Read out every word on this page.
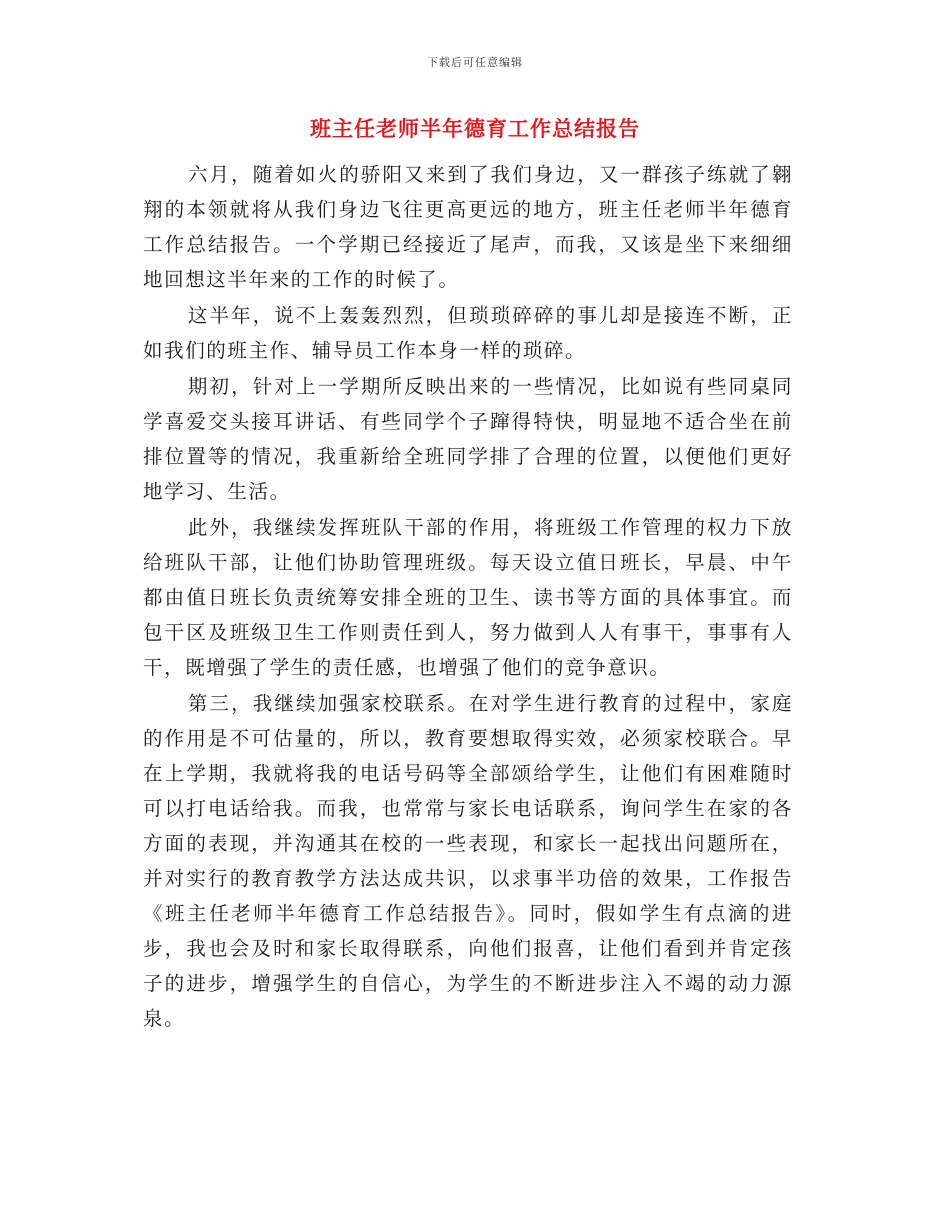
下载后可任意编辑
班主任老师半年德育工作总结报告

六月，随着如火的骄阳又来到了我们身边，又一群孩子练就了翱翔的本领就将从我们身边飞往更高更远的地方，班主任老师半年德育工作总结报告。一个学期已经接近了尾声，而我，又该是坐下来细细地回想这半年来的工作的时候了。

这半年，说不上轰轰烈烈，但琐琐碎碎的事儿却是接连不断，正如我们的班主作、辅导员工作本身一样的琐碎。

期初，针对上一学期所反映出来的一些情况，比如说有些同桌同学喜爱交头接耳讲话、有些同学个子蹿得特快，明显地不适合坐在前排位置等的情况，我重新给全班同学排了合理的位置，以便他们更好地学习、生活。

此外，我继续发挥班队干部的作用，将班级工作管理的权力下放给班队干部，让他们协助管理班级。每天设立值日班长，早晨、中午都由值日班长负责统筹安排全班的卫生、读书等方面的具体事宜。而包干区及班级卫生工作则责任到人，努力做到人人有事干，事事有人干，既增强了学生的责任感，也增强了他们的竞争意识。

第三，我继续加强家校联系。在对学生进行教育的过程中，家庭的作用是不可估量的，所以，教育要想取得实效，必须家校联合。早在上学期，我就将我的电话号码等全部颂给学生，让他们有困难随时可以打电话给我。而我，也常常与家长电话联系，询问学生在家的各方面的表现，并沟通其在校的一些表现，和家长一起找出问题所在，并对实行的教育教学方法达成共识，以求事半功倍的效果，工作报告《班主任老师半年德育工作总结报告》。同时，假如学生有点滴的进步，我也会及时和家长取得联系，向他们报喜，让他们看到并肯定孩子的进步，增强学生的自信心，为学生的不断进步注入不竭的动力源泉。
